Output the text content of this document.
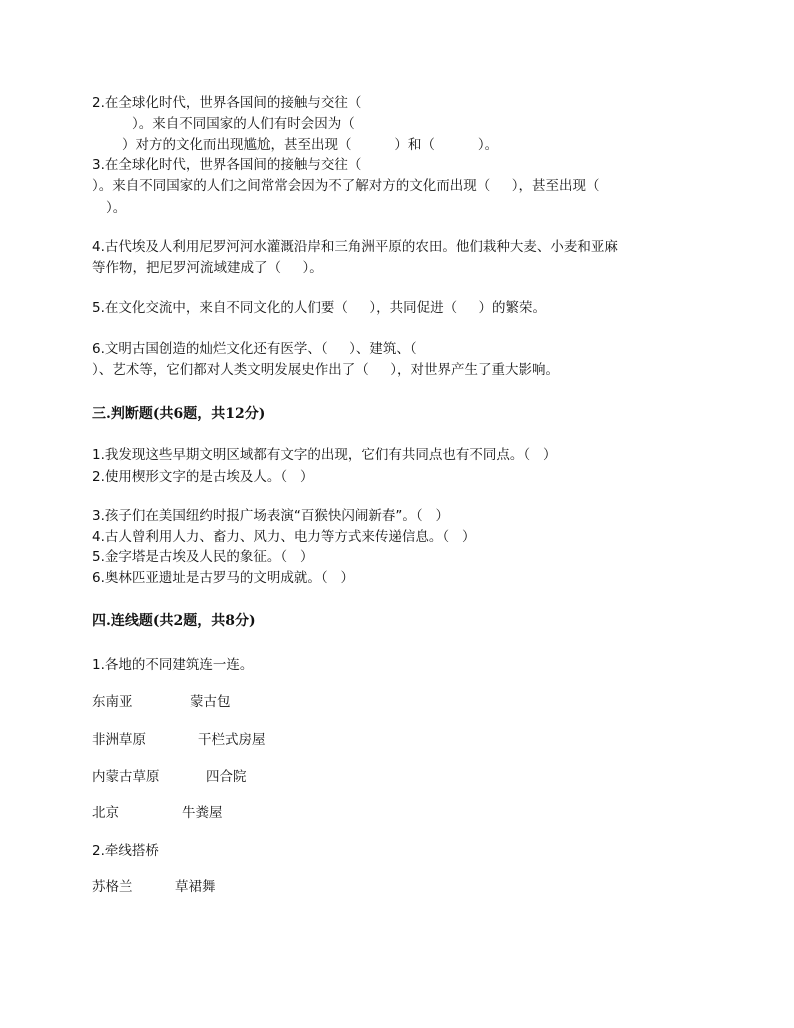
2.在全球化时代，世界各国间的接触与交往（
）。来自不同国家的人们有时会因为（
）对方的文化而出现尴尬，甚至出现（          ）和（          ）。
3.在全球化时代，世界各国间的接触与交往（
）。来自不同国家的人们之间常常会因为不了解对方的文化而出现（     ），甚至出现（
）。
4.古代埃及人利用尼罗河河水灌溉沿岸和三角洲平原的农田。他们栽种大麦、小麦和亚麻
等作物，把尼罗河流域建成了（     ）。
5.在文化交流中，来自不同文化的人们要（     ），共同促进（     ）的繁荣。
6.文明古国创造的灿烂文化还有医学、（     ）、建筑、（
）、艺术等，它们都对人类文明发展史作出了（     ），对世界产生了重大影响。
三.判断题(共6题，共12分)
1.我发现这些早期文明区域都有文字的出现，它们有共同点也有不同点。（   ）
2.使用楔形文字的是古埃及人。（   ）
3.孩子们在美国纽约时报广场表演“百猴快闪闹新春”。（   ）
4.古人曾利用人力、畜力、风力、电力等方式来传递信息。（   ）
5.金字塔是古埃及人民的象征。（   ）
6.奥林匹亚遗址是古罗马的文明成就。（   ）
四.连线题(共2题，共8分)
1.各地的不同建筑连一连。
东南亚	蒙古包
非洲草原	干栏式房屋
内蒙古草原	四合院
北京	牛粪屋
2.牵线搭桥
苏格兰	草裙舞
